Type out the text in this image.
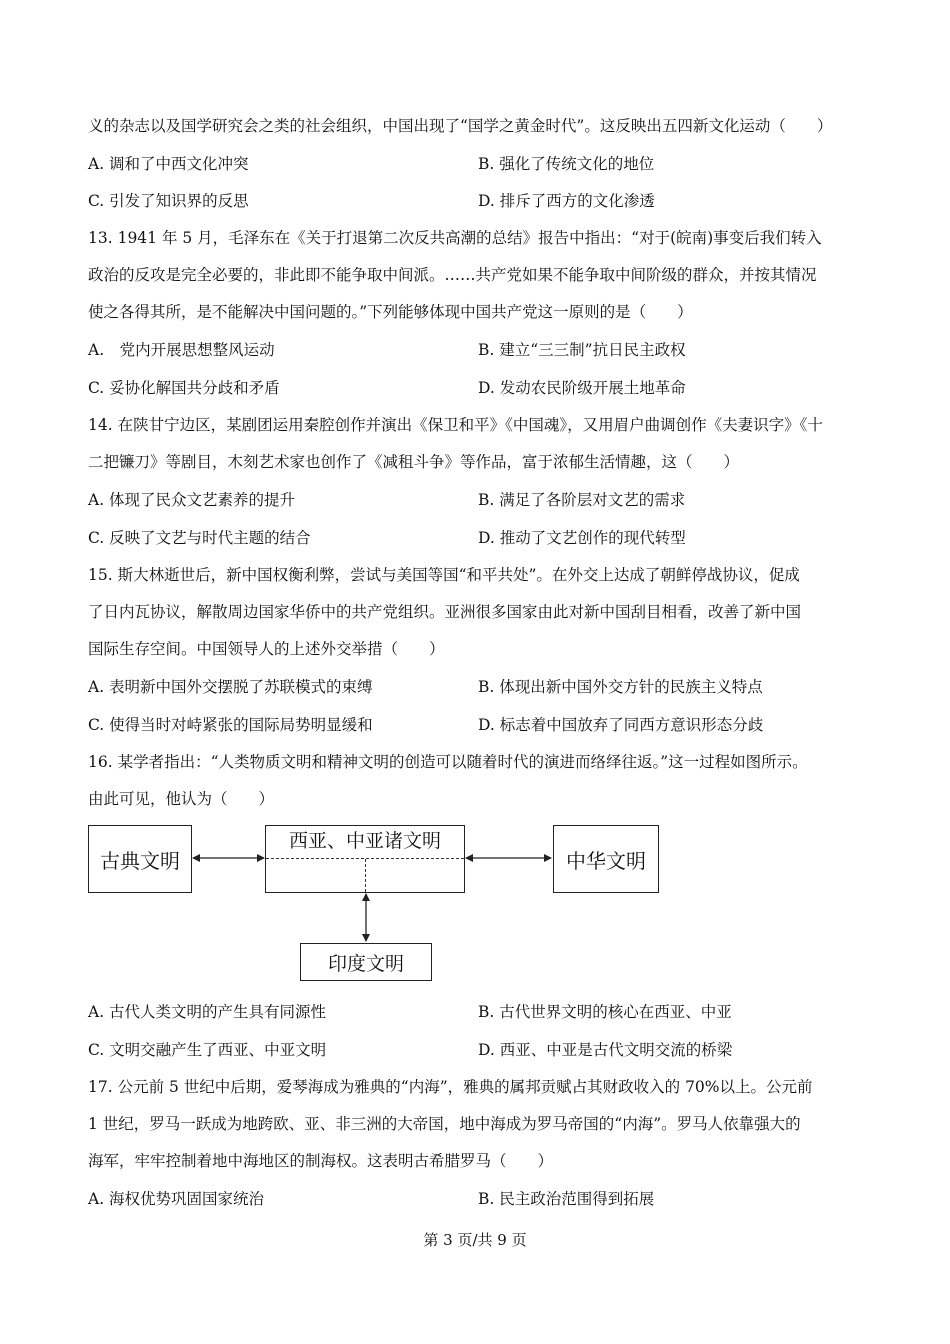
义的杂志以及国学研究会之类的社会组织，中国出现了“国学之黄金时代”。这反映出五四新文化运动（　　）
A. 调和了中西文化冲突	B. 强化了传统文化的地位
C. 引发了知识界的反思	D. 排斥了西方的文化渗透
13. 1941 年 5 月，毛泽东在《关于打退第二次反共高潮的总结》报告中指出：“对于(皖南)事变后我们转入
政治的反攻是完全必要的，非此即不能争取中间派。……共产党如果不能争取中间阶级的群众，并按其情况
使之各得其所，是不能解决中国问题的。”下列能够体现中国共产党这一原则的是（　　）
A.　党内开展思想整风运动	B. 建立“三三制”抗日民主政权
C. 妥协化解国共分歧和矛盾	D. 发动农民阶级开展土地革命
14. 在陕甘宁边区，某剧团运用秦腔创作并演出《保卫和平》《中国魂》，又用眉户曲调创作《夫妻识字》《十
二把镰刀》等剧目，木刻艺术家也创作了《减租斗争》等作品，富于浓郁生活情趣，这（　　）
A. 体现了民众文艺素养的提升	B. 满足了各阶层对文艺的需求
C. 反映了文艺与时代主题的结合	D. 推动了文艺创作的现代转型
15. 斯大林逝世后，新中国权衡利弊，尝试与美国等国“和平共处”。在外交上达成了朝鲜停战协议，促成
了日内瓦协议，解散周边国家华侨中的共产党组织。亚洲很多国家由此对新中国刮目相看，改善了新中国
国际生存空间。中国领导人的上述外交举措（　　）
A. 表明新中国外交摆脱了苏联模式的束缚	B. 体现出新中国外交方针的民族主义特点
C. 使得当时对峙紧张的国际局势明显缓和	D. 标志着中国放弃了同西方意识形态分歧
16. 某学者指出：“人类物质文明和精神文明的创造可以随着时代的演进而络绎往返。”这一过程如图所示。
由此可见，他认为（　　）
古典文明
西亚、中亚诸文明
中华文明
印度文明
A. 古代人类文明的产生具有同源性	B. 古代世界文明的核心在西亚、中亚
C. 文明交融产生了西亚、中亚文明	D. 西亚、中亚是古代文明交流的桥梁
17. 公元前 5 世纪中后期，爱琴海成为雅典的“内海”，雅典的属邦贡赋占其财政收入的 70%以上。公元前
1 世纪，罗马一跃成为地跨欧、亚、非三洲的大帝国，地中海成为罗马帝国的“内海”。罗马人依靠强大的
海军，牢牢控制着地中海地区的制海权。这表明古希腊罗马（　　）
A. 海权优势巩固国家统治	B. 民主政治范围得到拓展
第 3 页/共 9 页
